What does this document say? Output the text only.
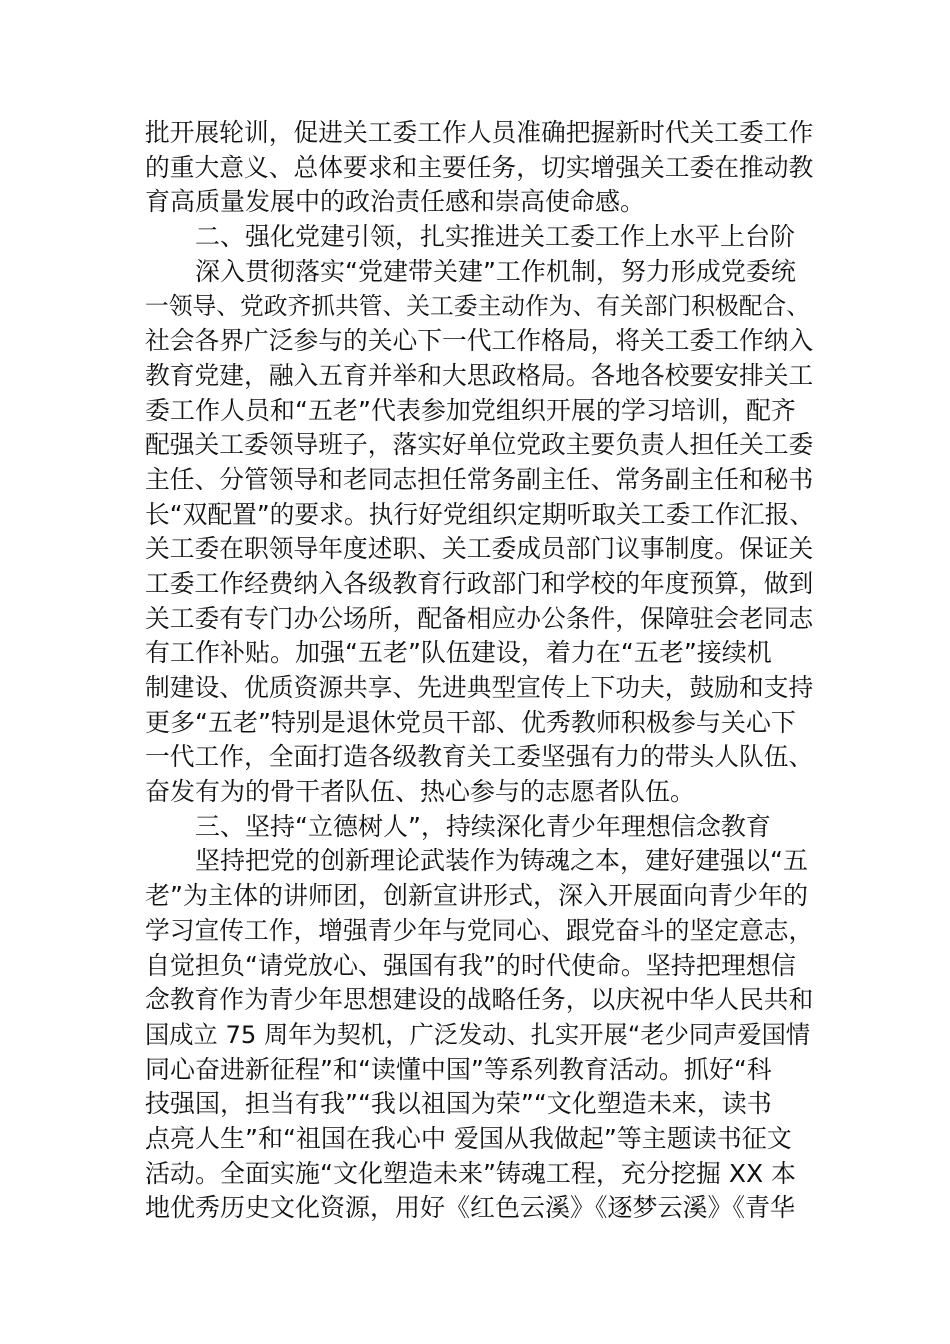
批开展轮训，促进关工委工作人员准确把握新时代关工委工作
的重大意义、总体要求和主要任务，切实增强关工委在推动教
育高质量发展中的政治责任感和崇高使命感。
二、强化党建引领，扎实推进关工委工作上水平上台阶
深入贯彻落实“党建带关建”工作机制，努力形成党委统
一领导、党政齐抓共管、关工委主动作为、有关部门积极配合、
社会各界广泛参与的关心下一代工作格局，将关工委工作纳入
教育党建，融入五育并举和大思政格局。各地各校要安排关工
委工作人员和“五老”代表参加党组织开展的学习培训，配齐
配强关工委领导班子，落实好单位党政主要负责人担任关工委
主任、分管领导和老同志担任常务副主任、常务副主任和秘书
长“双配置”的要求。执行好党组织定期听取关工委工作汇报、
关工委在职领导年度述职、关工委成员部门议事制度。保证关
工委工作经费纳入各级教育行政部门和学校的年度预算，做到
关工委有专门办公场所，配备相应办公条件，保障驻会老同志
有工作补贴。加强“五老”队伍建设，着力在“五老”接续机
制建设、优质资源共享、先进典型宣传上下功夫，鼓励和支持
更多“五老”特别是退休党员干部、优秀教师积极参与关心下
一代工作，全面打造各级教育关工委坚强有力的带头人队伍、
奋发有为的骨干者队伍、热心参与的志愿者队伍。
三、坚持“立德树人”，持续深化青少年理想信念教育
坚持把党的创新理论武装作为铸魂之本，建好建强以“五
老”为主体的讲师团，创新宣讲形式，深入开展面向青少年的
学习宣传工作，增强青少年与党同心、跟党奋斗的坚定意志，
自觉担负“请党放心、强国有我”的时代使命。坚持把理想信
念教育作为青少年思想建设的战略任务，以庆祝中华人民共和
国成立 75 周年为契机，广泛发动、扎实开展“老少同声爱国情
同心奋进新征程”和“读懂中国”等系列教育活动。抓好“科
技强国，担当有我”“我以祖国为荣”“文化塑造未来，读书
点亮人生”和“祖国在我心中 爱国从我做起”等主题读书征文
活动。全面实施“文化塑造未来”铸魂工程，充分挖掘 XX 本
地优秀历史文化资源，用好《红色云溪》《逐梦云溪》《青华
